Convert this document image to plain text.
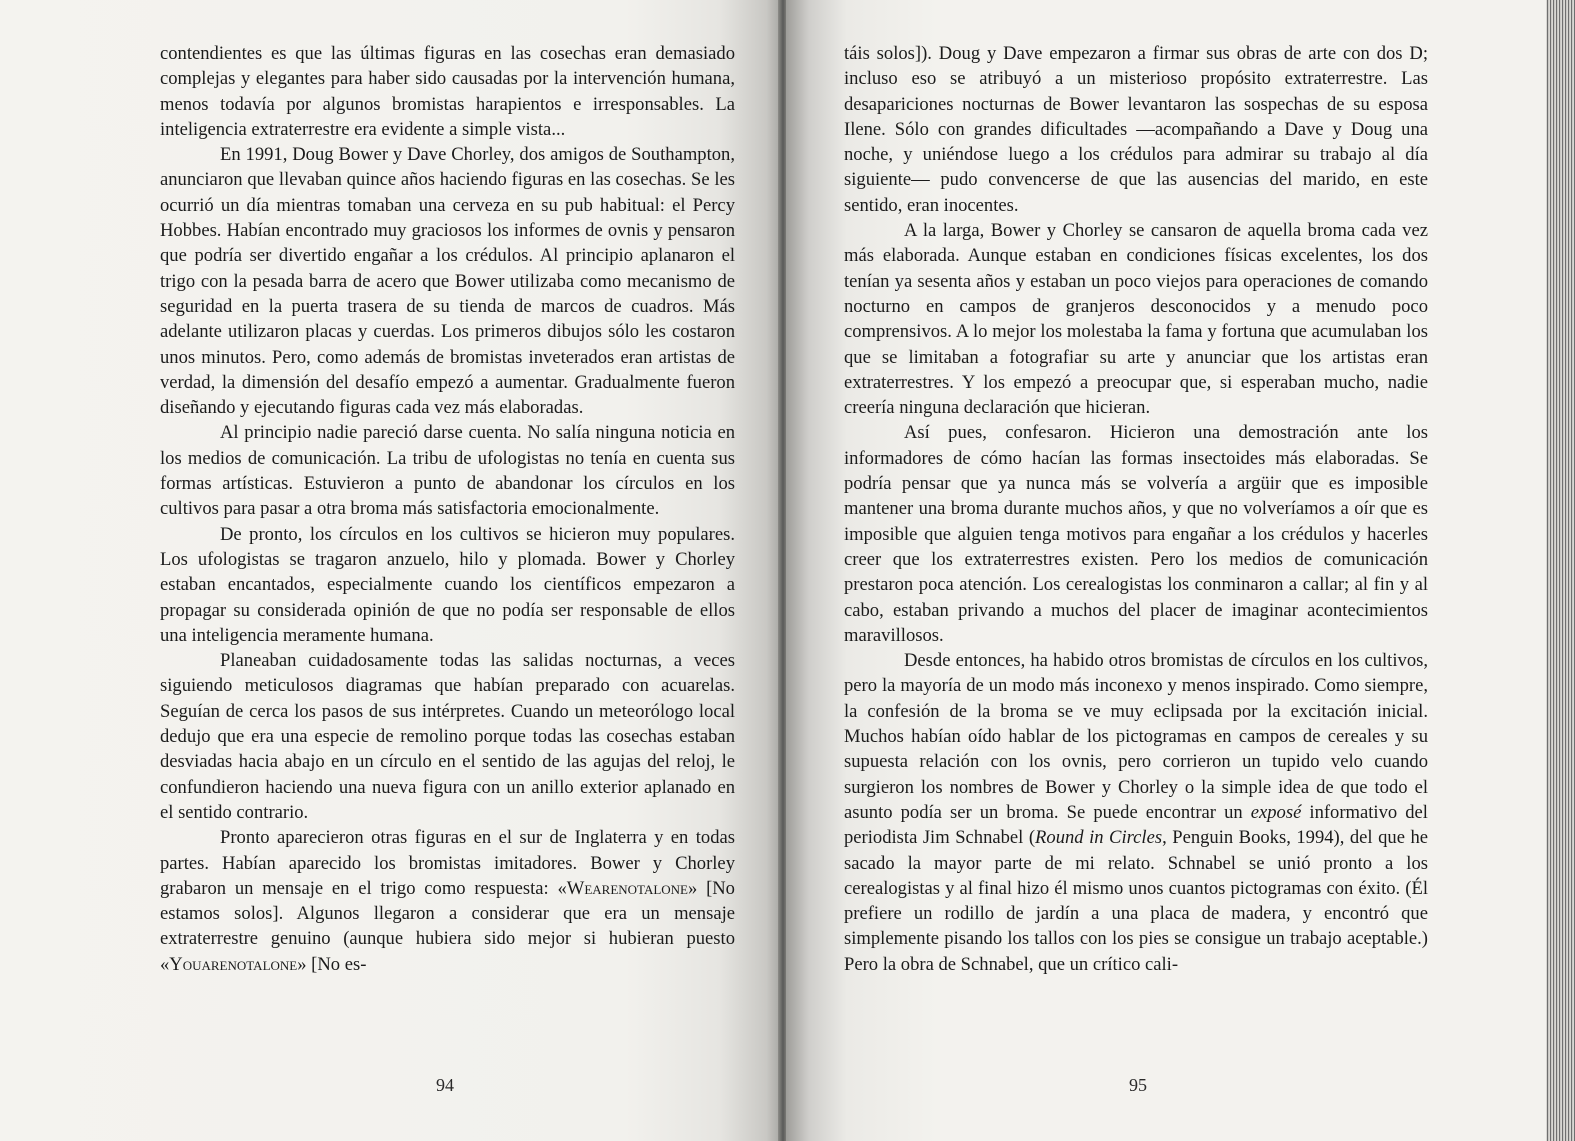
contendientes es que las últimas figuras en las cosechas eran demasiado complejas y elegantes para haber sido causadas por la intervención humana, menos todavía por algunos bromistas harapientos e irresponsables. La inteligencia extraterrestre era evidente a simple vista...

En 1991, Doug Bower y Dave Chorley, dos amigos de Southampton, anunciaron que llevaban quince años haciendo figuras en las cosechas. Se les ocurrió un día mientras tomaban una cerveza en su pub habitual: el Percy Hobbes. Habían encontrado muy graciosos los informes de ovnis y pensaron que podría ser divertido engañar a los crédulos. Al principio aplanaron el trigo con la pesada barra de acero que Bower utilizaba como mecanismo de seguridad en la puerta trasera de su tienda de marcos de cuadros. Más adelante utilizaron placas y cuerdas. Los primeros dibujos sólo les costaron unos minutos. Pero, como además de bromistas inveterados eran artistas de verdad, la dimensión del desafío empezó a aumentar. Gradualmente fueron diseñando y ejecutando figuras cada vez más elaboradas.

Al principio nadie pareció darse cuenta. No salía ninguna noticia en los medios de comunicación. La tribu de ufologistas no tenía en cuenta sus formas artísticas. Estuvieron a punto de abandonar los círculos en los cultivos para pasar a otra broma más satisfactoria emocionalmente.

De pronto, los círculos en los cultivos se hicieron muy populares. Los ufologistas se tragaron anzuelo, hilo y plomada. Bower y Chorley estaban encantados, especialmente cuando los científicos empezaron a propagar su considerada opinión de que no podía ser responsable de ellos una inteligencia meramente humana.

Planeaban cuidadosamente todas las salidas nocturnas, a veces siguiendo meticulosos diagramas que habían preparado con acuarelas. Seguían de cerca los pasos de sus intérpretes. Cuando un meteorólogo local dedujo que era una especie de remolino porque todas las cosechas estaban desviadas hacia abajo en un círculo en el sentido de las agujas del reloj, le confundieron haciendo una nueva figura con un anillo exterior aplanado en el sentido contrario.

Pronto aparecieron otras figuras en el sur de Inglaterra y en todas partes. Habían aparecido los bromistas imitadores. Bower y Chorley grabaron un mensaje en el trigo como respuesta: «Wearenotalone» [No estamos solos]. Algunos llegaron a considerar que era un mensaje extraterrestre genuino (aunque hubiera sido mejor si hubieran puesto «Youarenotalone» [No es-

94

táis solos]). Doug y Dave empezaron a firmar sus obras de arte con dos D; incluso eso se atribuyó a un misterioso propósito extraterrestre. Las desapariciones nocturnas de Bower levantaron las sospechas de su esposa Ilene. Sólo con grandes dificultades —acompañando a Dave y Doug una noche, y uniéndose luego a los crédulos para admirar su trabajo al día siguiente— pudo convencerse de que las ausencias del marido, en este sentido, eran inocentes.

A la larga, Bower y Chorley se cansaron de aquella broma cada vez más elaborada. Aunque estaban en condiciones físicas excelentes, los dos tenían ya sesenta años y estaban un poco viejos para operaciones de comando nocturno en campos de granjeros desconocidos y a menudo poco comprensivos. A lo mejor los molestaba la fama y fortuna que acumulaban los que se limitaban a fotografiar su arte y anunciar que los artistas eran extraterrestres. Y los empezó a preocupar que, si esperaban mucho, nadie creería ninguna declaración que hicieran.

Así pues, confesaron. Hicieron una demostración ante los informadores de cómo hacían las formas insectoides más elaboradas. Se podría pensar que ya nunca más se volvería a argüir que es imposible mantener una broma durante muchos años, y que no volveríamos a oír que es imposible que alguien tenga motivos para engañar a los crédulos y hacerles creer que los extraterrestres existen. Pero los medios de comunicación prestaron poca atención. Los cerealogistas los conminaron a callar; al fin y al cabo, estaban privando a muchos del placer de imaginar acontecimientos maravillosos.

Desde entonces, ha habido otros bromistas de círculos en los cultivos, pero la mayoría de un modo más inconexo y menos inspirado. Como siempre, la confesión de la broma se ve muy eclipsada por la excitación inicial. Muchos habían oído hablar de los pictogramas en campos de cereales y su supuesta relación con los ovnis, pero corrieron un tupido velo cuando surgieron los nombres de Bower y Chorley o la simple idea de que todo el asunto podía ser un broma. Se puede encontrar un exposé informativo del periodista Jim Schnabel (Round in Circles, Penguin Books, 1994), del que he sacado la mayor parte de mi relato. Schnabel se unió pronto a los cerealogistas y al final hizo él mismo unos cuantos pictogramas con éxito. (Él prefiere un rodillo de jardín a una placa de madera, y encontró que simplemente pisando los tallos con los pies se consigue un trabajo aceptable.) Pero la obra de Schnabel, que un crítico cali-

95
